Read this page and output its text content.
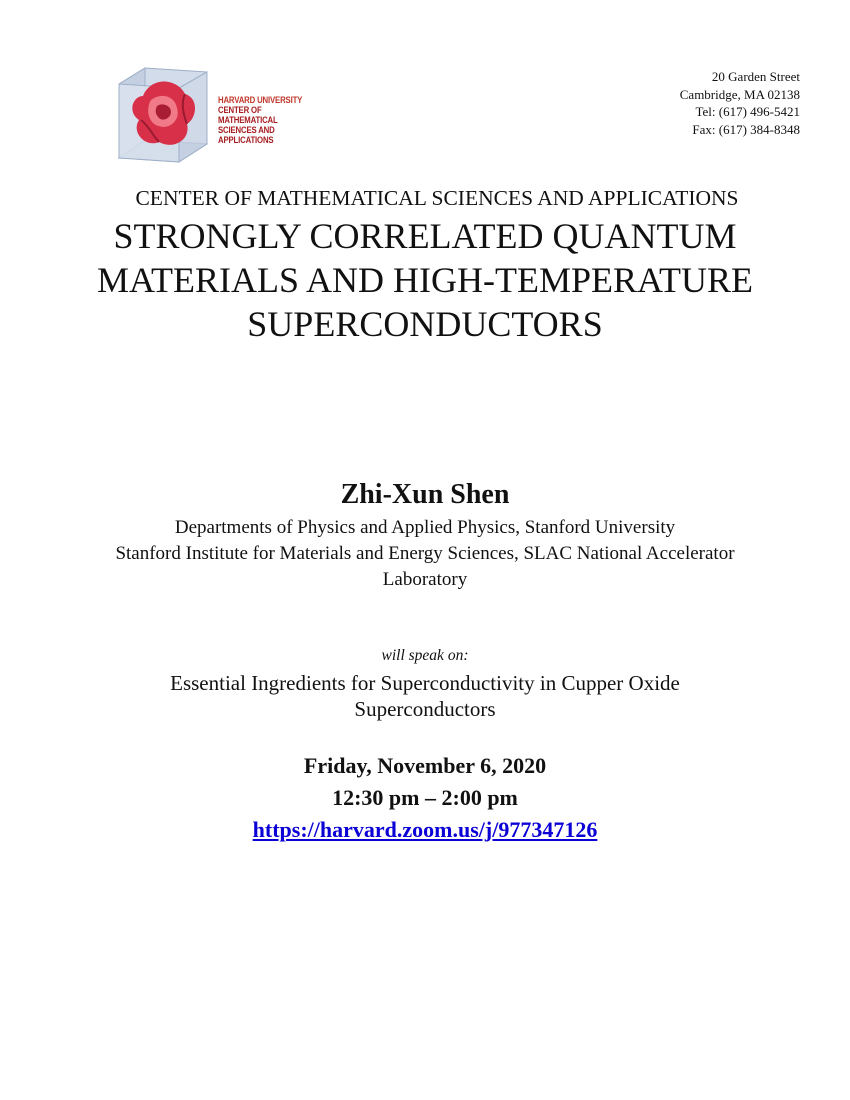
HARVARD UNIVERSITY
CENTER OF MATHEMATICAL
SCIENCES AND APPLICATIONS
20 Garden Street
Cambridge, MA 02138
Tel: (617) 496-5421
Fax: (617) 384-8348
CENTER OF MATHEMATICAL SCIENCES AND APPLICATIONS
STRONGLY CORRELATED QUANTUM
MATERIALS AND HIGH-TEMPERATURE
SUPERCONDUCTORS
Zhi-Xun Shen
Departments of Physics and Applied Physics, Stanford University
Stanford Institute for Materials and Energy Sciences, SLAC National Accelerator
Laboratory
will speak on:
Essential Ingredients for Superconductivity in Cupper Oxide
Superconductors
Friday, November 6, 2020
12:30 pm – 2:00 pm
https://harvard.zoom.us/j/977347126
